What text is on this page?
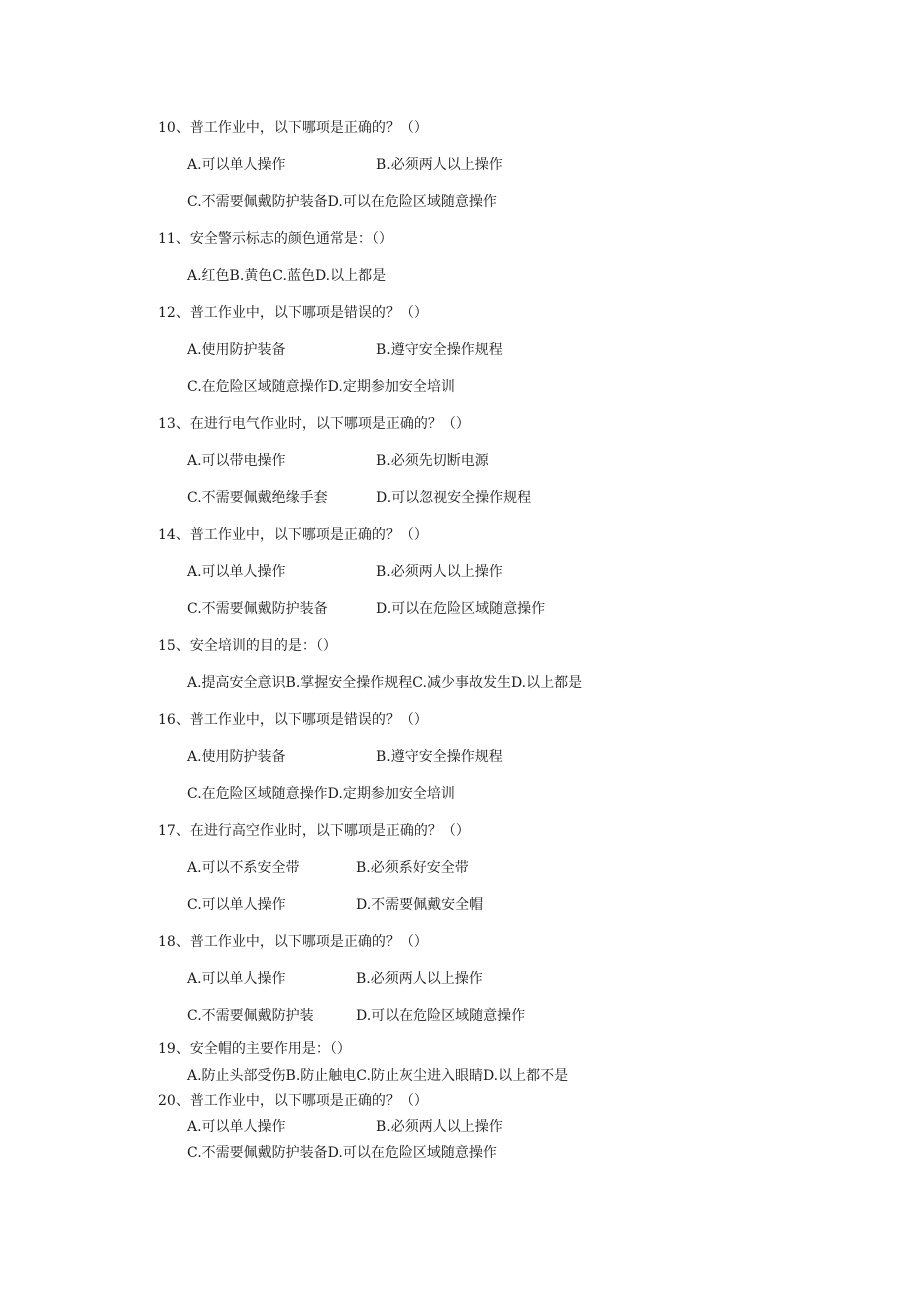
10、普工作业中，以下哪项是正确的？（）
A.可以单人操作	B.必须两人以上操作
C.不需要佩戴防护装备D.可以在危险区域随意操作
11、安全警示标志的颜色通常是：（）
A.红色B.黄色C.蓝色D.以上都是
12、普工作业中，以下哪项是错误的？（）
A.使用防护装备	B.遵守安全操作规程
C.在危险区域随意操作D.定期参加安全培训
13、在进行电气作业时，以下哪项是正确的？（）
A.可以带电操作	B.必须先切断电源
C.不需要佩戴绝缘手套	D.可以忽视安全操作规程
14、普工作业中，以下哪项是正确的？（）
A.可以单人操作	B.必须两人以上操作
C.不需要佩戴防护装备	D.可以在危险区域随意操作
15、安全培训的目的是：（）
A.提高安全意识B.掌握安全操作规程C.减少事故发生D.以上都是
16、普工作业中，以下哪项是错误的？（）
A.使用防护装备	B.遵守安全操作规程
C.在危险区域随意操作D.定期参加安全培训
17、在进行高空作业时，以下哪项是正确的？（）
A.可以不系安全带	B.必须系好安全带
C.可以单人操作	D.不需要佩戴安全帽
18、普工作业中，以下哪项是正确的？（）
A.可以单人操作	B.必须两人以上操作
C.不需要佩戴防护装	D.可以在危险区域随意操作
19、安全帽的主要作用是：（）
A.防止头部受伤B.防止触电C.防止灰尘进入眼睛D.以上都不是
20、普工作业中，以下哪项是正确的？（）
A.可以单人操作	B.必须两人以上操作
C.不需要佩戴防护装备D.可以在危险区域随意操作
